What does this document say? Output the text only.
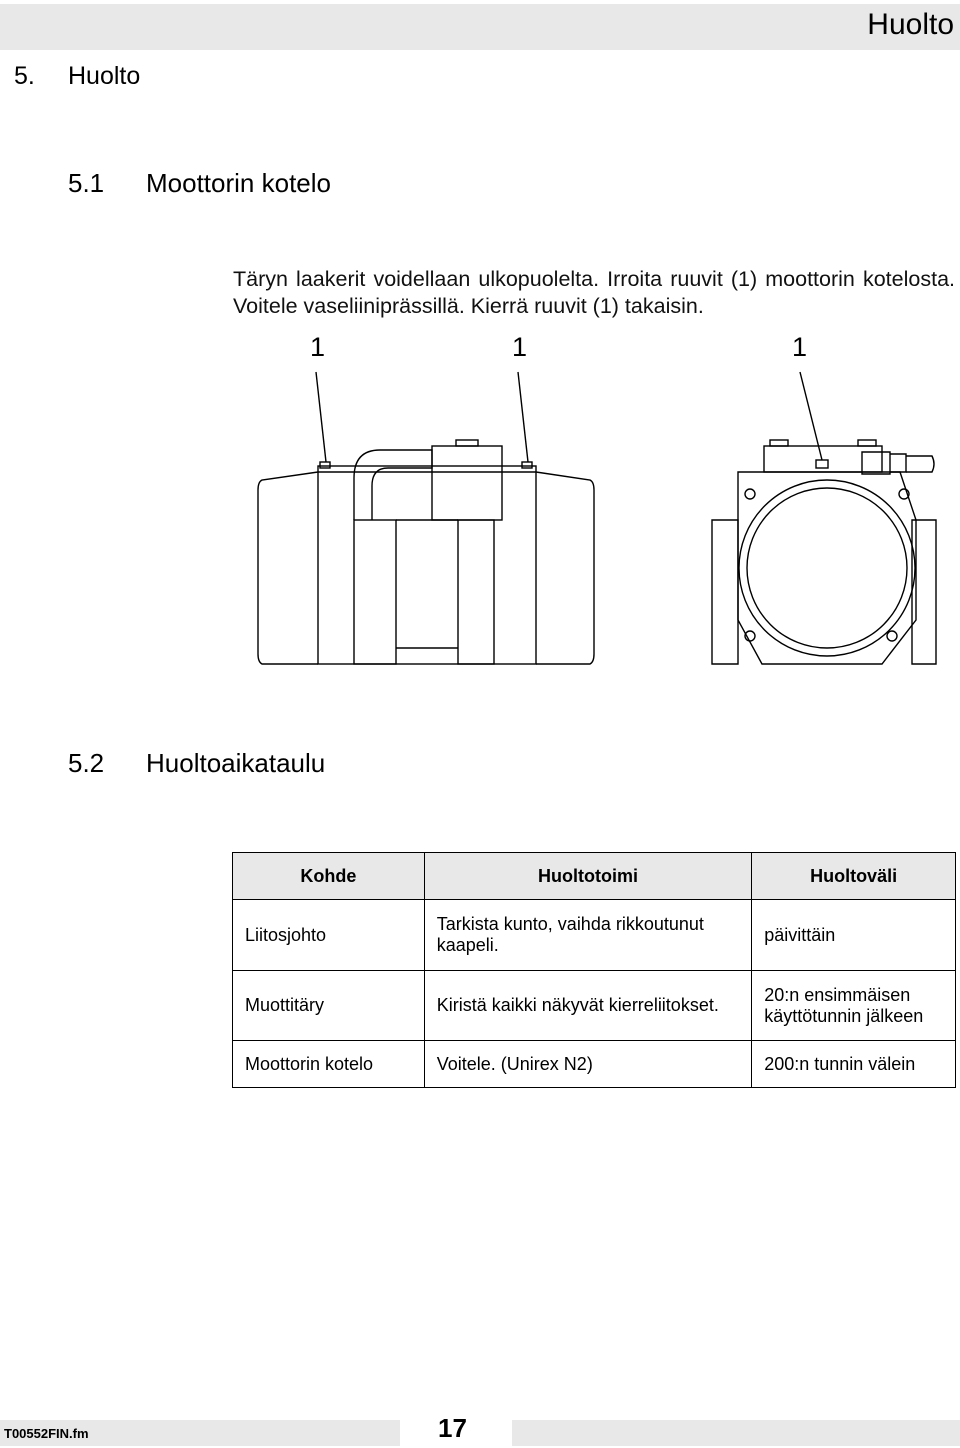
Huolto
5. Huolto
5.1 Moottorin kotelo
Täryn laakerit voidellaan ulkopuolelta. Irroita ruuvit (1) moottorin kotelosta. Voitele vaseliiniprässillä. Kierrä ruuvit (1) takaisin.
1	1	1
5.2 Huoltoaikataulu
Kohde	Huoltotoimi	Huoltoväli
Liitosjohto	Tarkista kunto, vaihda rikkoutunut kaapeli.	päivittäin
Muottitäry	Kiristä kaikki näkyvät kierreliitokset.	20:n ensimmäisen käyttötunnin jälkeen
Moottorin kotelo	Voitele. (Unirex N2)	200:n tunnin välein
T00552FIN.fm	17
